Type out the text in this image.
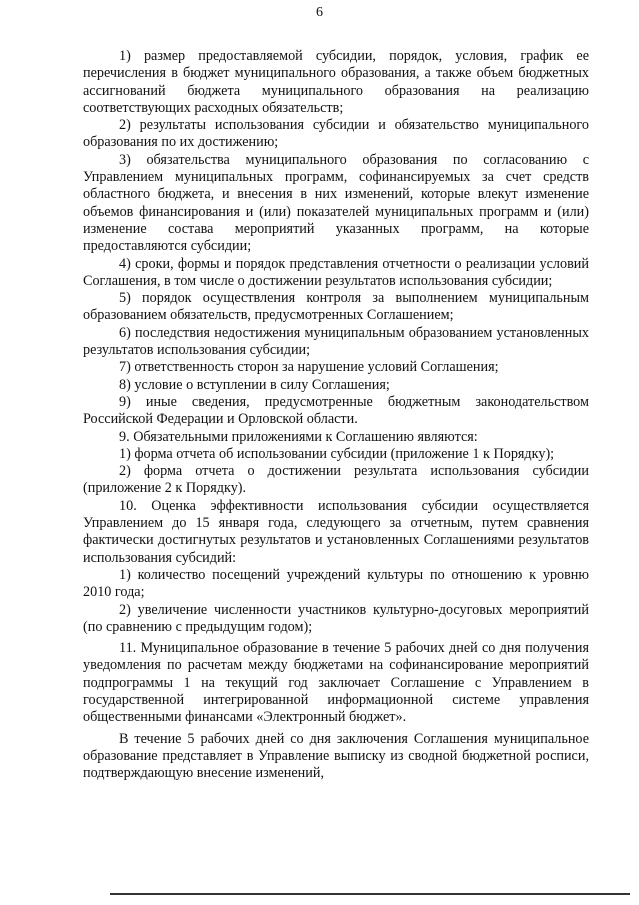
6

1) размер предоставляемой субсидии, порядок, условия, график ее перечисления в бюджет муниципального образования, а также объем бюджетных ассигнований бюджета муниципального образования на реализацию соответствующих расходных обязательств;

2) результаты использования субсидии и обязательство муниципального образования по их достижению;

3) обязательства муниципального образования по согласованию с Управлением муниципальных программ, софинансируемых за счет средств областного бюджета, и внесения в них изменений, которые влекут изменение объемов финансирования и (или) показателей муниципальных программ и (или) изменение состава мероприятий указанных программ, на которые предоставляются субсидии;

4) сроки, формы и порядок представления отчетности о реализации условий Соглашения, в том числе о достижении результатов использования субсидии;

5) порядок осуществления контроля за выполнением муниципальным образованием обязательств, предусмотренных Соглашением;

6) последствия недостижения муниципальным образованием установленных результатов использования субсидии;

7) ответственность сторон за нарушение условий Соглашения;

8) условие о вступлении в силу Соглашения;

9) иные сведения, предусмотренные бюджетным законодательством Российской Федерации и Орловской области.

9. Обязательными приложениями к Соглашению являются:

1) форма отчета об использовании субсидии (приложение 1 к Порядку);

2) форма отчета о достижении результата использования субсидии (приложение 2 к Порядку).

10. Оценка эффективности использования субсидии осуществляется Управлением до 15 января года, следующего за отчетным, путем сравнения фактически достигнутых результатов и установленных Соглашениями результатов использования субсидий:

1) количество посещений учреждений культуры по отношению к уровню 2010 года;

2) увеличение численности участников культурно-досуговых мероприятий (по сравнению с предыдущим годом);

11. Муниципальное образование в течение 5 рабочих дней со дня получения уведомления по расчетам между бюджетами на софинансирование мероприятий подпрограммы 1 на текущий год заключает Соглашение с Управлением в государственной интегрированной информационной системе управления общественными финансами «Электронный бюджет».

В течение 5 рабочих дней со дня заключения Соглашения муниципальное образование представляет в Управление выписку из сводной бюджетной росписи, подтверждающую внесение изменений,
